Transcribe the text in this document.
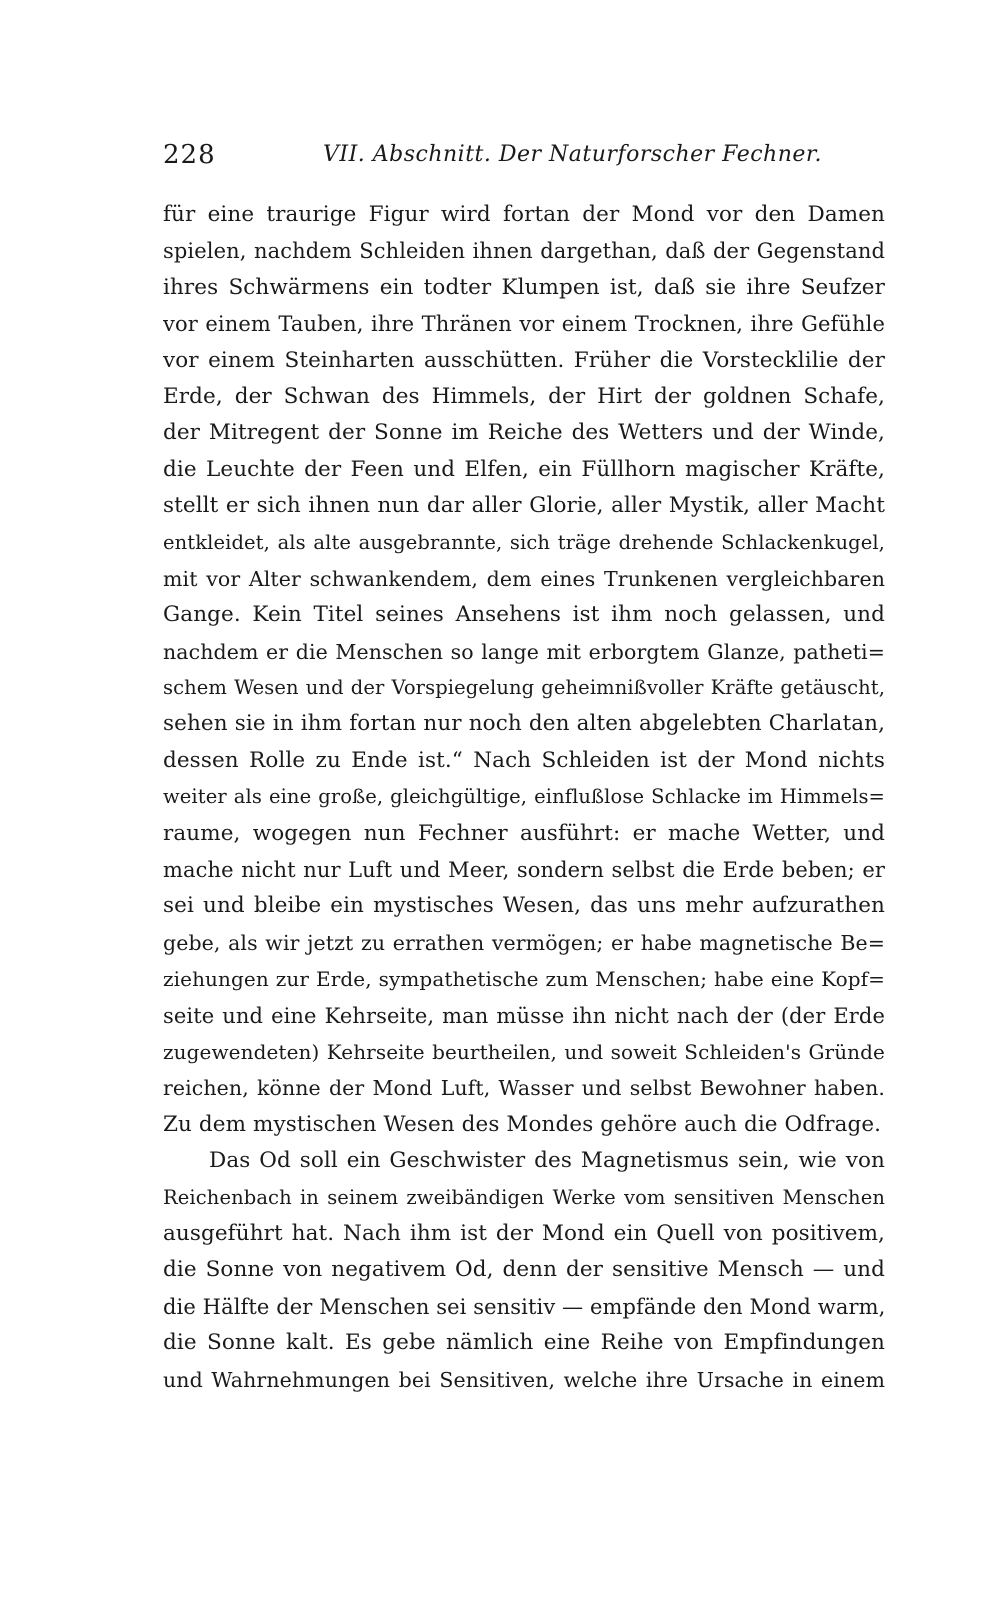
228	VII. Abschnitt. Der Naturforscher Fechner.
für eine traurige Figur wird fortan der Mond vor den Damen
spielen, nachdem Schleiden ihnen dargethan, daß der Gegenstand
ihres Schwärmens ein todter Klumpen ist, daß sie ihre Seufzer
vor einem Tauben, ihre Thränen vor einem Trocknen, ihre Gefühle
vor einem Steinharten ausschütten. Früher die Vorstecklilie der
Erde, der Schwan des Himmels, der Hirt der goldnen Schafe,
der Mitregent der Sonne im Reiche des Wetters und der Winde,
die Leuchte der Feen und Elfen, ein Füllhorn magischer Kräfte,
stellt er sich ihnen nun dar aller Glorie, aller Mystik, aller Macht
entkleidet, als alte ausgebrannte, sich träge drehende Schlackenkugel,
mit vor Alter schwankendem, dem eines Trunkenen vergleichbaren
Gange. Kein Titel seines Ansehens ist ihm noch gelassen, und
nachdem er die Menschen so lange mit erborgtem Glanze, patheti=
schem Wesen und der Vorspiegelung geheimnißvoller Kräfte getäuscht,
sehen sie in ihm fortan nur noch den alten abgelebten Charlatan,
dessen Rolle zu Ende ist.“ Nach Schleiden ist der Mond nichts
weiter als eine große, gleichgültige, einflußlose Schlacke im Himmels=
raume, wogegen nun Fechner ausführt: er mache Wetter, und
mache nicht nur Luft und Meer, sondern selbst die Erde beben; er
sei und bleibe ein mystisches Wesen, das uns mehr aufzurathen
gebe, als wir jetzt zu errathen vermögen; er habe magnetische Be=
ziehungen zur Erde, sympathetische zum Menschen; habe eine Kopf=
seite und eine Kehrseite, man müsse ihn nicht nach der (der Erde
zugewendeten) Kehrseite beurtheilen, und soweit Schleiden's Gründe
reichen, könne der Mond Luft, Wasser und selbst Bewohner haben.
Zu dem mystischen Wesen des Mondes gehöre auch die Odfrage.
Das Od soll ein Geschwister des Magnetismus sein, wie von
Reichenbach in seinem zweibändigen Werke vom sensitiven Menschen
ausgeführt hat. Nach ihm ist der Mond ein Quell von positivem,
die Sonne von negativem Od, denn der sensitive Mensch — und
die Hälfte der Menschen sei sensitiv — empfände den Mond warm,
die Sonne kalt. Es gebe nämlich eine Reihe von Empfindungen
und Wahrnehmungen bei Sensitiven, welche ihre Ursache in einem
